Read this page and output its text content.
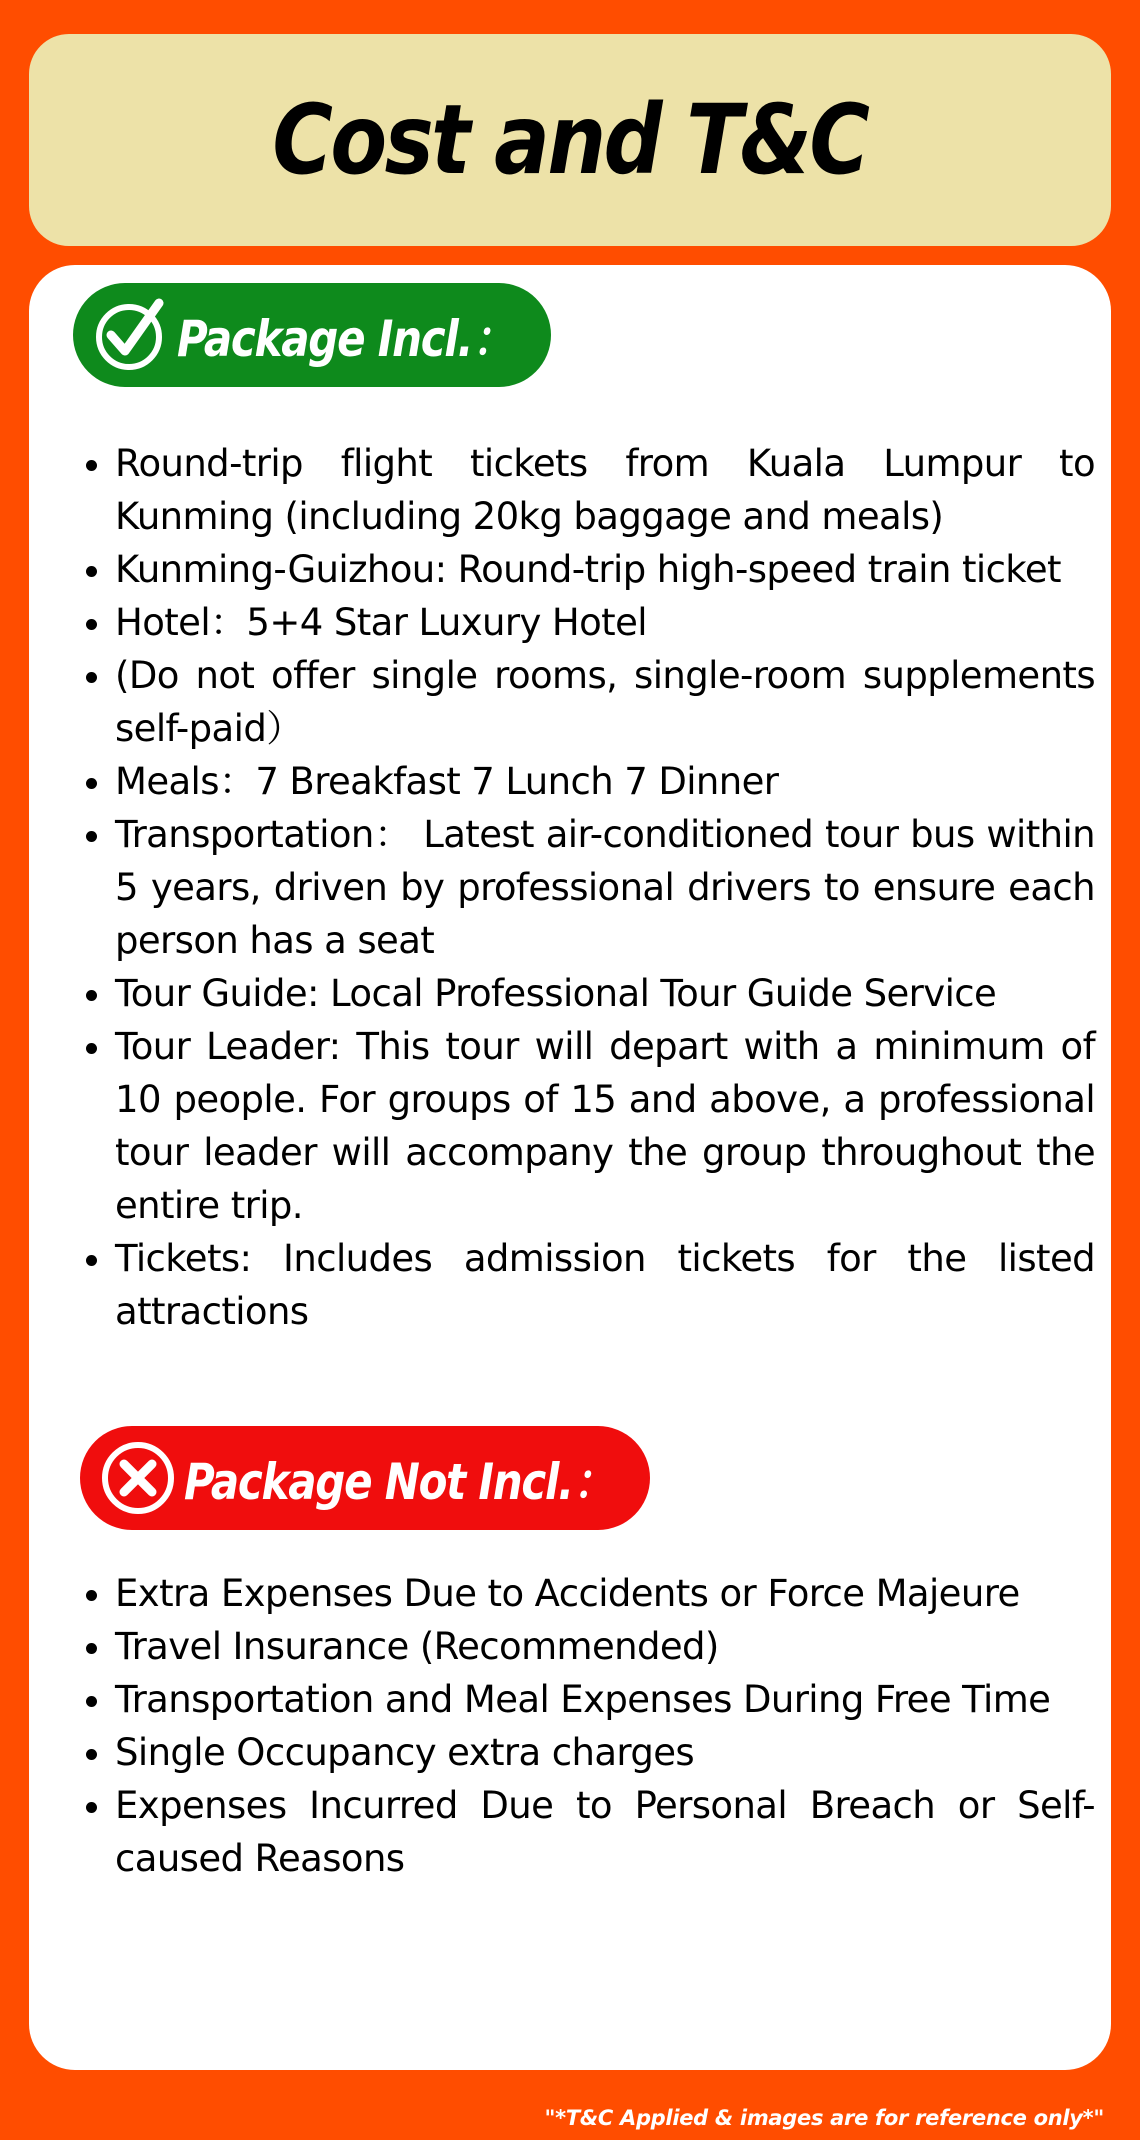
Cost and T&C
Package Incl.：
Round-trip flight tickets from Kuala Lumpur to Kunming (including 20kg baggage and meals)
Kunming-Guizhou: Round-trip high-speed train ticket
Hotel：5+4 Star Luxury Hotel
(Do not offer single rooms, single-room supplements self-paid）
Meals：7 Breakfast 7 Lunch 7 Dinner
Transportation： Latest air-conditioned tour bus within 5 years, driven by professional drivers to ensure each person has a seat
Tour Guide: Local Professional Tour Guide Service
Tour Leader: This tour will depart with a minimum of 10 people. For groups of 15 and above, a professional tour leader will accompany the group throughout the entire trip.
Tickets: Includes admission tickets for the listed attractions
Package Not Incl.：
Extra Expenses Due to Accidents or Force Majeure
Travel Insurance (Recommended)
Transportation and Meal Expenses During Free Time
Single Occupancy extra charges
Expenses Incurred Due to Personal Breach or Self-caused Reasons
"*T&C Applied & images are for reference only*"
